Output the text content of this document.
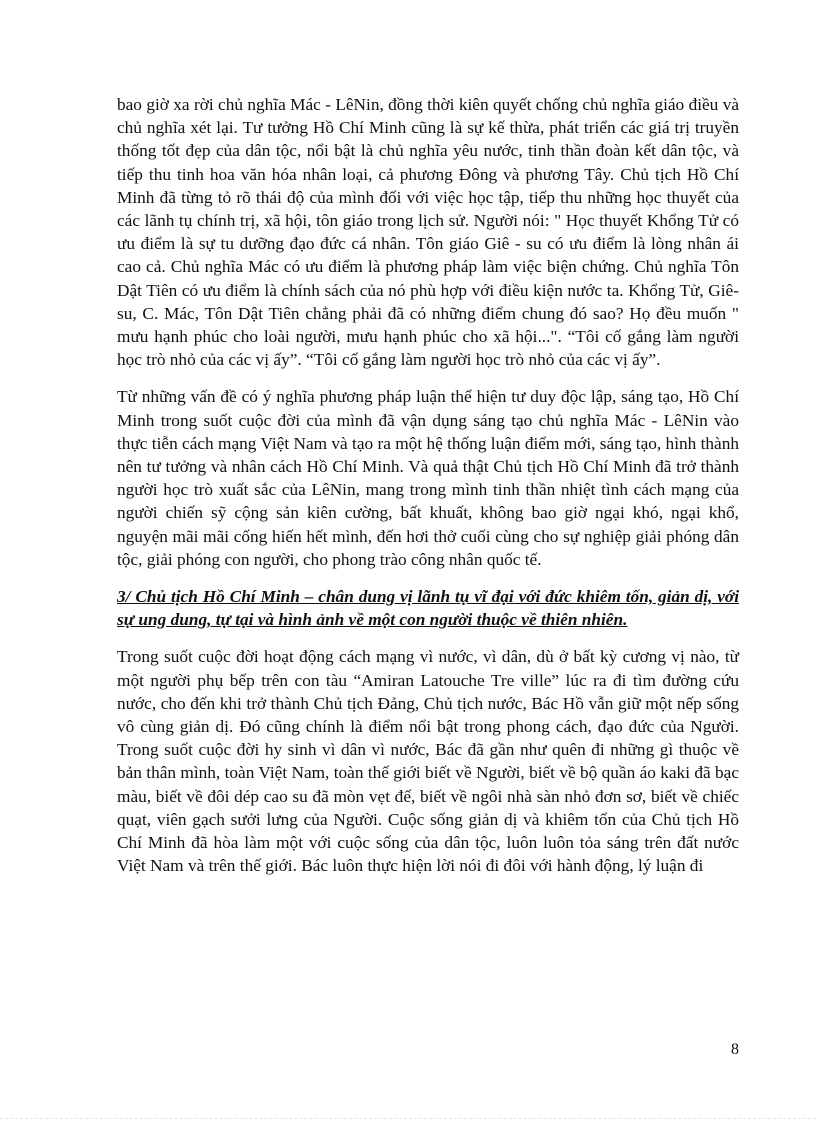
bao giờ xa rời chủ nghĩa Mác - LêNin, đồng thời kiên quyết chống chủ nghĩa giáo điều và chủ nghĩa xét lại. Tư tưởng Hồ Chí Minh cũng là sự kế thừa, phát triển các giá trị truyền thống tốt đẹp của dân tộc, nổi bật là chủ nghĩa yêu nước, tinh thần đoàn kết dân tộc, và tiếp thu tinh hoa văn hóa nhân loại, cả phương Đông và phương Tây. Chủ tịch Hồ Chí Minh đã từng tỏ rõ thái độ của mình đối với việc học tập, tiếp thu những học thuyết của các lãnh tụ chính trị, xã hội, tôn giáo trong lịch sử. Người nói: " Học thuyết Khổng Tử có ưu điểm là sự tu dưỡng đạo đức cá nhân. Tôn giáo Giê - su có ưu điểm là lòng nhân ái cao cả. Chủ nghĩa Mác có ưu điểm là phương pháp làm việc biện chứng. Chủ nghĩa Tôn Dật Tiên có ưu điểm là chính sách của nó phù hợp với điều kiện nước ta. Khổng Tử, Giê-su, C. Mác, Tôn Dật Tiên chẳng phải đã có những điểm chung đó sao? Họ đều muốn " mưu hạnh phúc cho loài người, mưu hạnh phúc cho xã hội...". “Tôi cố gắng làm người học trò nhỏ của các vị ấy”. “Tôi cố gắng làm người học trò nhỏ của các vị ấy”.

Từ những vấn đề có ý nghĩa phương pháp luận thể hiện tư duy độc lập, sáng tạo, Hồ Chí Minh trong suốt cuộc đời của mình đã vận dụng sáng tạo chủ nghĩa Mác - LêNin vào thực tiễn cách mạng Việt Nam và tạo ra một hệ thống luận điểm mới, sáng tạo, hình thành nên tư tưởng và nhân cách Hồ Chí Minh. Và quả thật Chủ tịch Hồ Chí Minh đã trở thành người học trò xuất sắc của LêNin, mang trong mình tinh thần nhiệt tình cách mạng của người chiến sỹ cộng sản kiên cường, bất khuất, không bao giờ ngại khó, ngại khổ, nguyện mãi mãi cống hiến hết mình, đến hơi thở cuối cùng cho sự nghiệp giải phóng dân tộc, giải phóng con người, cho phong trào công nhân quốc tế.

3/ Chủ tịch Hồ Chí Minh – chân dung vị lãnh tụ vĩ đại với đức khiêm tốn, giản dị, với sự ung dung, tự tại và hình ảnh về một con người thuộc về thiên nhiên.

Trong suốt cuộc đời hoạt động cách mạng vì nước, vì dân, dù ở bất kỳ cương vị nào, từ một người phụ bếp trên con tàu “Amiran Latouche Tre ville” lúc ra đi tìm đường cứu nước, cho đến khi trở thành Chủ tịch Đảng, Chủ tịch nước, Bác Hồ vẫn giữ một nếp sống vô cùng giản dị. Đó cũng chính là điểm nổi bật trong phong cách, đạo đức của Người. Trong suốt cuộc đời hy sinh vì dân vì nước, Bác đã gần như quên đi những gì thuộc về bản thân mình, toàn Việt Nam, toàn thế giới biết về Người, biết về bộ quần áo kaki đã bạc màu, biết về đôi dép cao su đã mòn vẹt đế, biết về ngôi nhà sàn nhỏ đơn sơ, biết về chiếc quạt, viên gạch sưởi lưng của Người. Cuộc sống giản dị và khiêm tốn của Chủ tịch Hồ Chí Minh đã hòa làm một với cuộc sống của dân tộc, luôn luôn tỏa sáng trên đất nước Việt Nam và trên thế giới. Bác luôn thực hiện lời nói đi đôi với hành động, lý luận đi

8
